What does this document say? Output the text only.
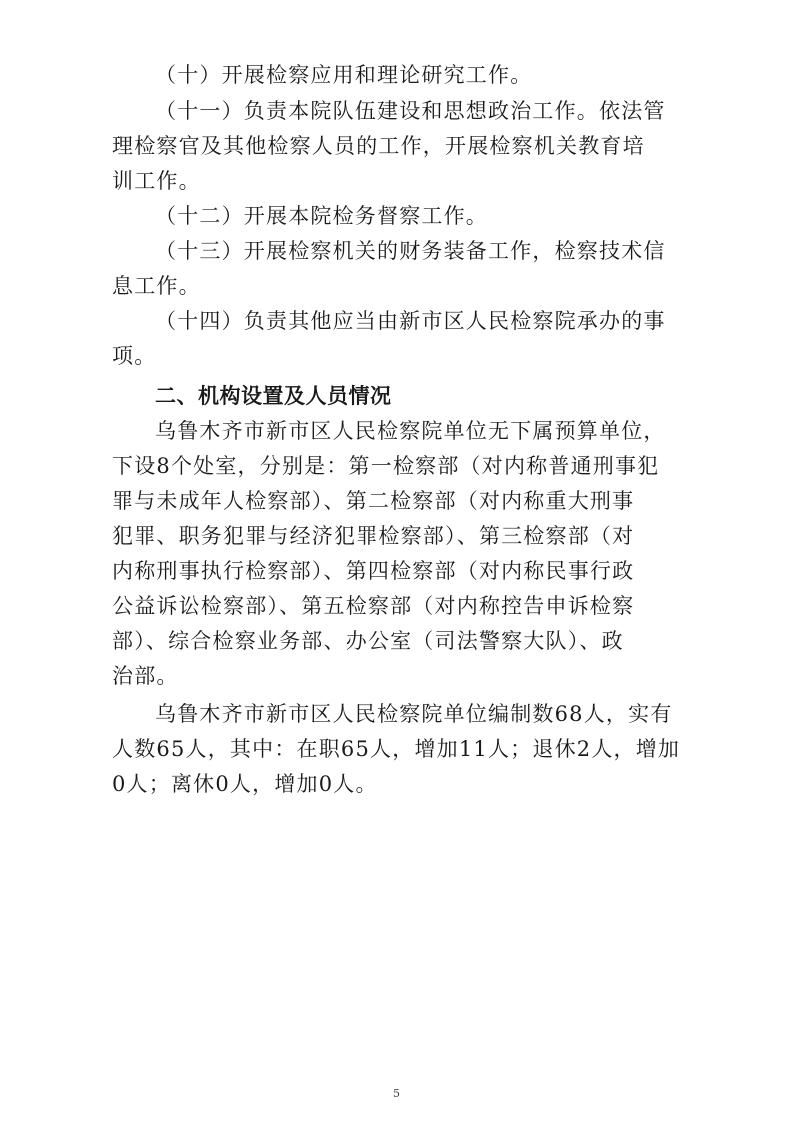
（十）开展检察应用和理论研究工作。
（十一）负责本院队伍建设和思想政治工作。依法管
理检察官及其他检察人员的工作，开展检察机关教育培
训工作。
（十二）开展本院检务督察工作。
（十三）开展检察机关的财务装备工作，检察技术信
息工作。
（十四）负责其他应当由新市区人民检察院承办的事
项。
二、机构设置及人员情况
乌鲁木齐市新市区人民检察院单位无下属预算单位，
下设8个处室，分别是：第一检察部（对内称普通刑事犯
罪与未成年人检察部）、第二检察部（对内称重大刑事
犯罪、职务犯罪与经济犯罪检察部）、第三检察部（对
内称刑事执行检察部）、第四检察部（对内称民事行政
公益诉讼检察部）、第五检察部（对内称控告申诉检察
部）、综合检察业务部、办公室（司法警察大队）、政
治部。
乌鲁木齐市新市区人民检察院单位编制数68人，实有
人数65人，其中：在职65人，增加11人；退休2人，增加
0人；离休0人，增加0人。
5
